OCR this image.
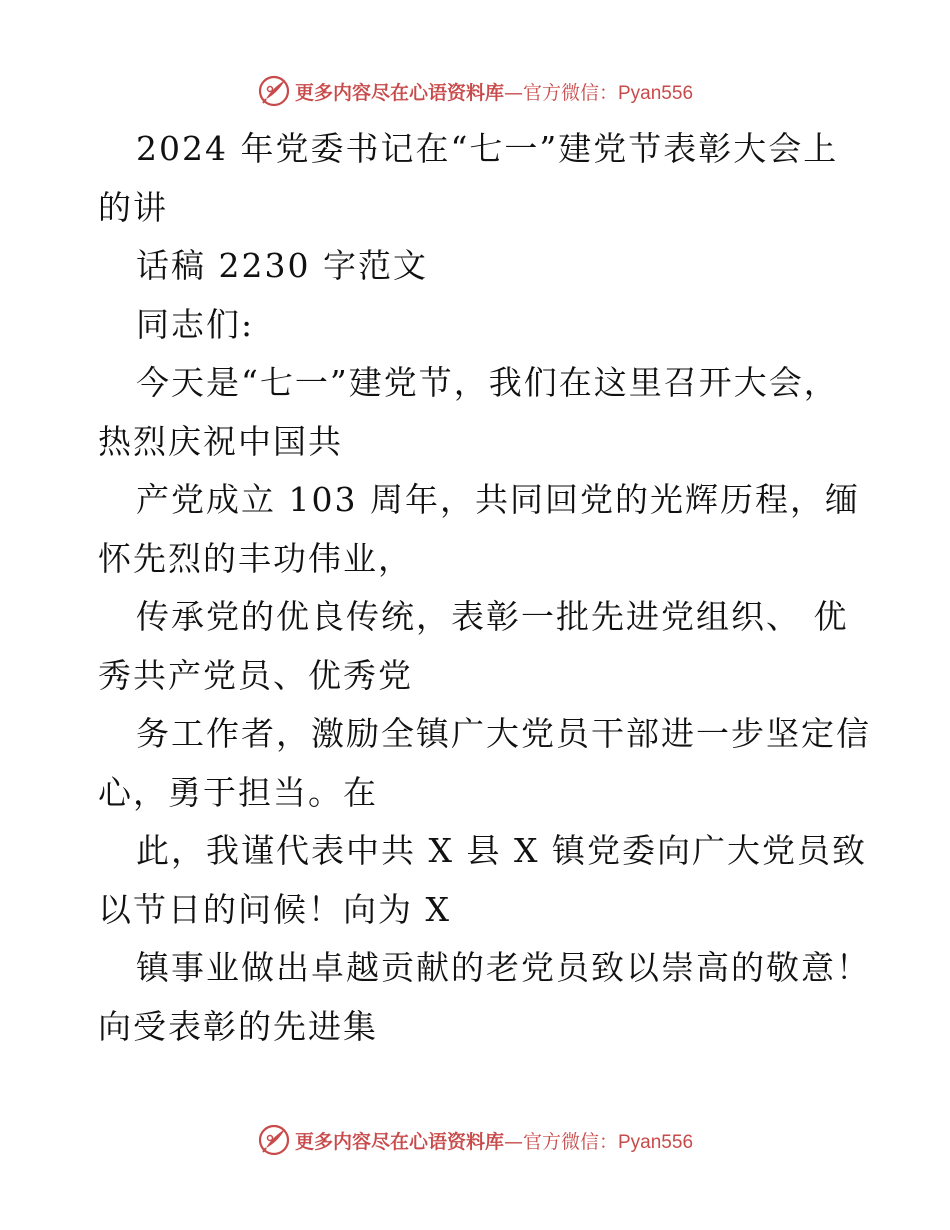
更多内容尽在心语资料库—官方微信：Pyan556
2024 年党委书记在“七一”建党节表彰大会上
的讲
话稿 2230 字范文
同志们:
今天是“七一”建党节，我们在这里召开大会，
热烈庆祝中国共
产党成立 103 周年，共同回党的光辉历程，缅
怀先烈的丰功伟业，
传承党的优良传统，表彰一批先进党组织、 优
秀共产党员、优秀党
务工作者，激励全镇广大党员干部进一步坚定信
心，勇于担当。在
此，我谨代表中共 X 县 X 镇党委向广大党员致
以节日的问候！向为 X
镇事业做出卓越贡献的老党员致以崇高的敬意！
向受表彰的先进集
更多内容尽在心语资料库—官方微信：Pyan556
